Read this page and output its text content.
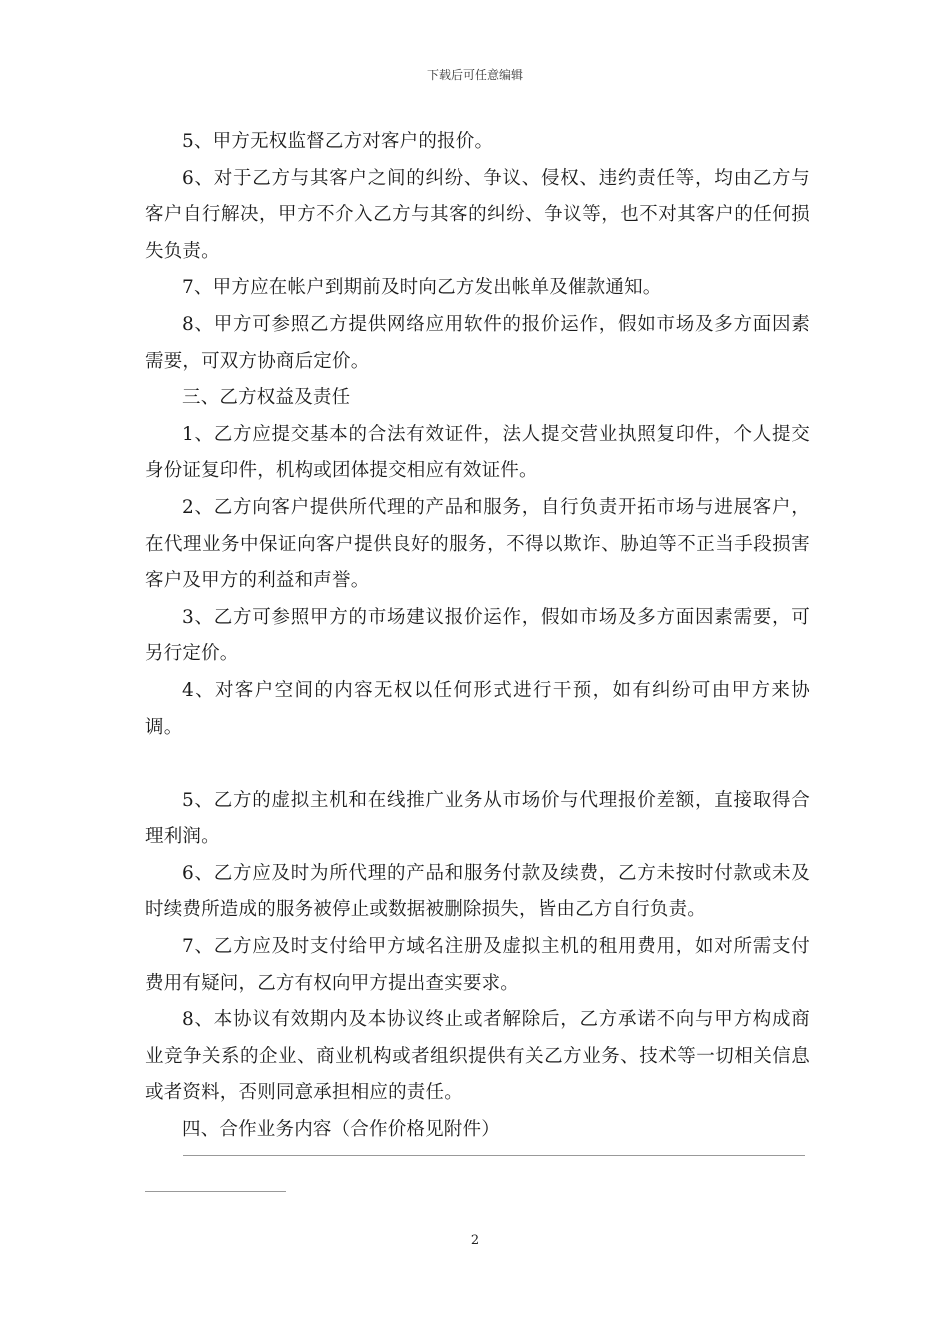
下载后可任意编辑

5、甲方无权监督乙方对客户的报价。

6、对于乙方与其客户之间的纠纷、争议、侵权、违约责任等，均由乙方与客户自行解决，甲方不介入乙方与其客的纠纷、争议等，也不对其客户的任何损失负责。

7、甲方应在帐户到期前及时向乙方发出帐单及催款通知。

8、甲方可参照乙方提供网络应用软件的报价运作，假如市场及多方面因素需要，可双方协商后定价。

三、乙方权益及责任

1、乙方应提交基本的合法有效证件，法人提交营业执照复印件，个人提交身份证复印件，机构或团体提交相应有效证件。

2、乙方向客户提供所代理的产品和服务，自行负责开拓市场与进展客户，在代理业务中保证向客户提供良好的服务，不得以欺诈、胁迫等不正当手段损害客户及甲方的利益和声誉。

3、乙方可参照甲方的市场建议报价运作，假如市场及多方面因素需要，可另行定价。

4、对客户空间的内容无权以任何形式进行干预，如有纠纷可由甲方来协调。

5、乙方的虚拟主机和在线推广业务从市场价与代理报价差额，直接取得合理利润。

6、乙方应及时为所代理的产品和服务付款及续费，乙方未按时付款或未及时续费所造成的服务被停止或数据被删除损失，皆由乙方自行负责。

7、乙方应及时支付给甲方域名注册及虚拟主机的租用费用，如对所需支付费用有疑问，乙方有权向甲方提出查实要求。

8、本协议有效期内及本协议终止或者解除后，乙方承诺不向与甲方构成商业竞争关系的企业、商业机构或者组织提供有关乙方业务、技术等一切相关信息或者资料，否则同意承担相应的责任。

四、合作业务内容（合作价格见附件）

2
